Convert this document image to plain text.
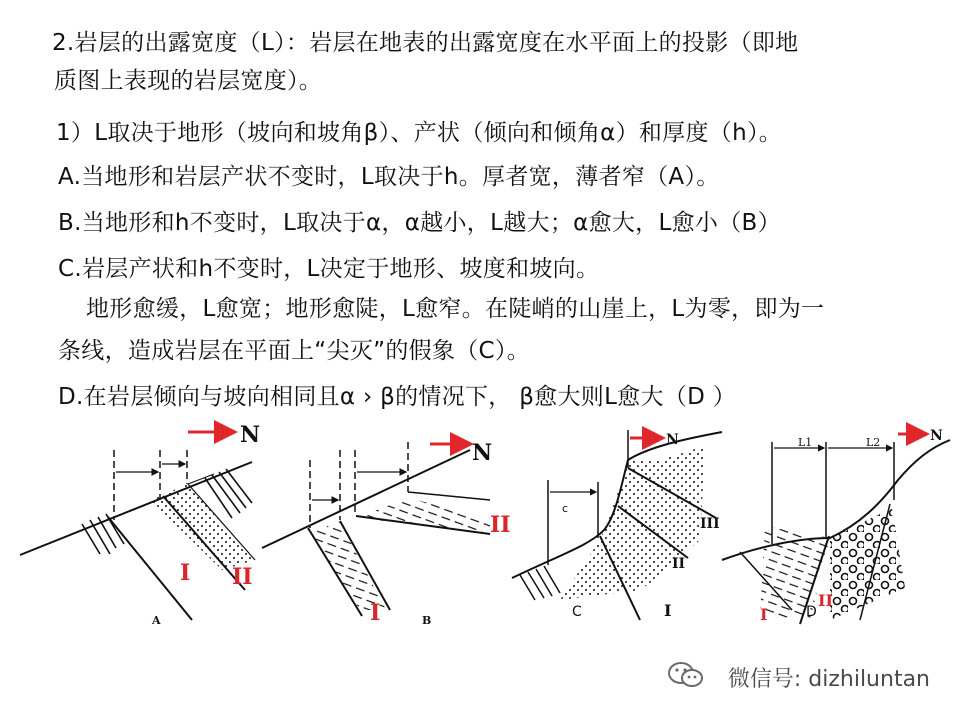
2.岩层的出露宽度（L）：岩层在地表的出露宽度在水平面上的投影（即地
质图上表现的岩层宽度）。
1）L取决于地形（坡向和坡角β）、产状（倾向和倾角α）和厚度（h）。
A.当地形和岩层产状不变时，L取决于h。厚者宽，薄者窄（A）。
B.当地形和h不变时，L取决于α，α越小，L越大；α愈大，L愈小（B）
C.岩层产状和h不变时，L决定于地形、坡度和坡向。
地形愈缓，L愈宽；地形愈陡，L愈窄。在陡峭的山崖上，L为零，即为一
条线，造成岩层在平面上“尖灭”的假象（C）。
D.在岩层倾向与坡向相同且α › β的情况下， β愈大则L愈大（D ）
N
I II
A
N
I
II
B
N
c
I
II
III
C
L1	L2	N
I
II
D
微信号: dizhiluntan
